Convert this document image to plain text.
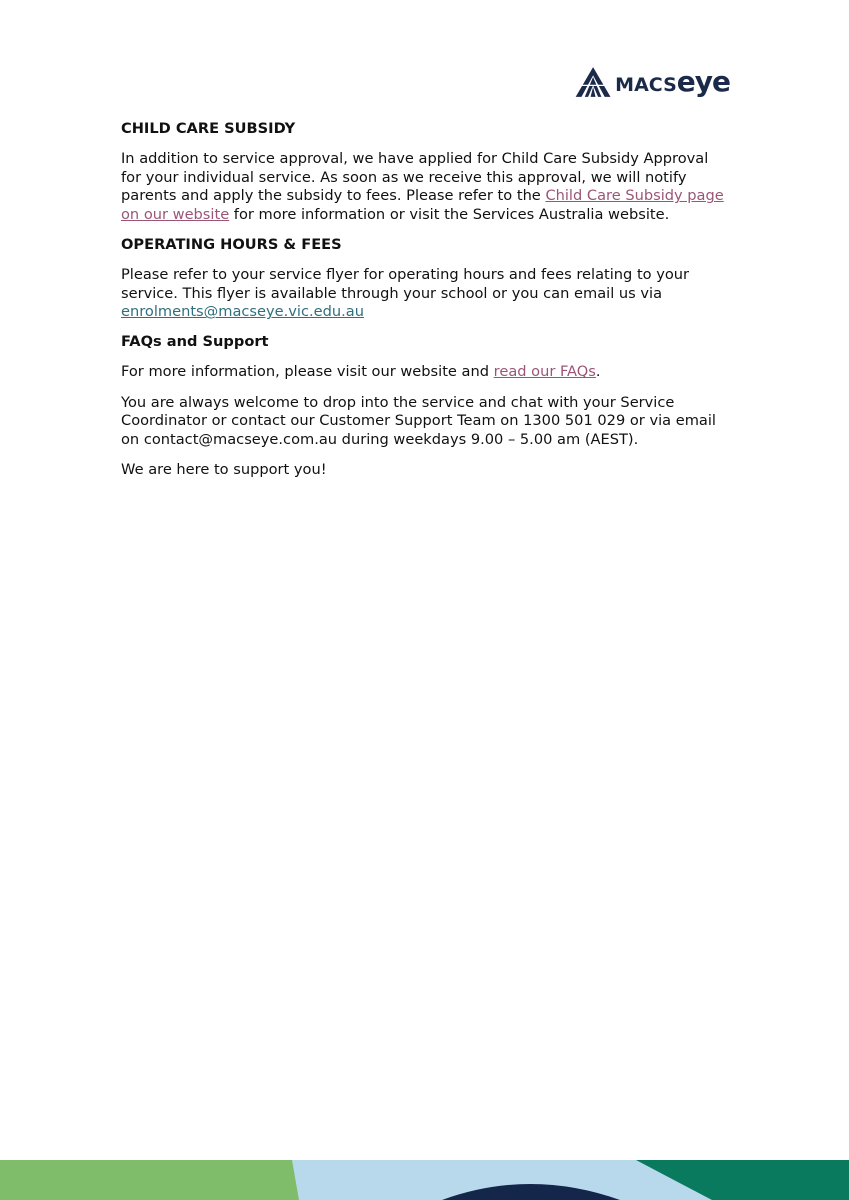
MACSeye
CHILD CARE SUBSIDY

In addition to service approval, we have applied for Child Care Subsidy Approval for your individual service. As soon as we receive this approval, we will notify parents and apply the subsidy to fees. Please refer to the Child Care Subsidy page on our website for more information or visit the Services Australia website.

OPERATING HOURS & FEES

Please refer to your service flyer for operating hours and fees relating to your service. This flyer is available through your school or you can email us via enrolments@macseye.vic.edu.au

FAQs and Support

For more information, please visit our website and read our FAQs.

You are always welcome to drop into the service and chat with your Service Coordinator or contact our Customer Support Team on 1300 501 029 or via email on contact@macseye.com.au during weekdays 9.00 – 5.00 am (AEST).

We are here to support you!
